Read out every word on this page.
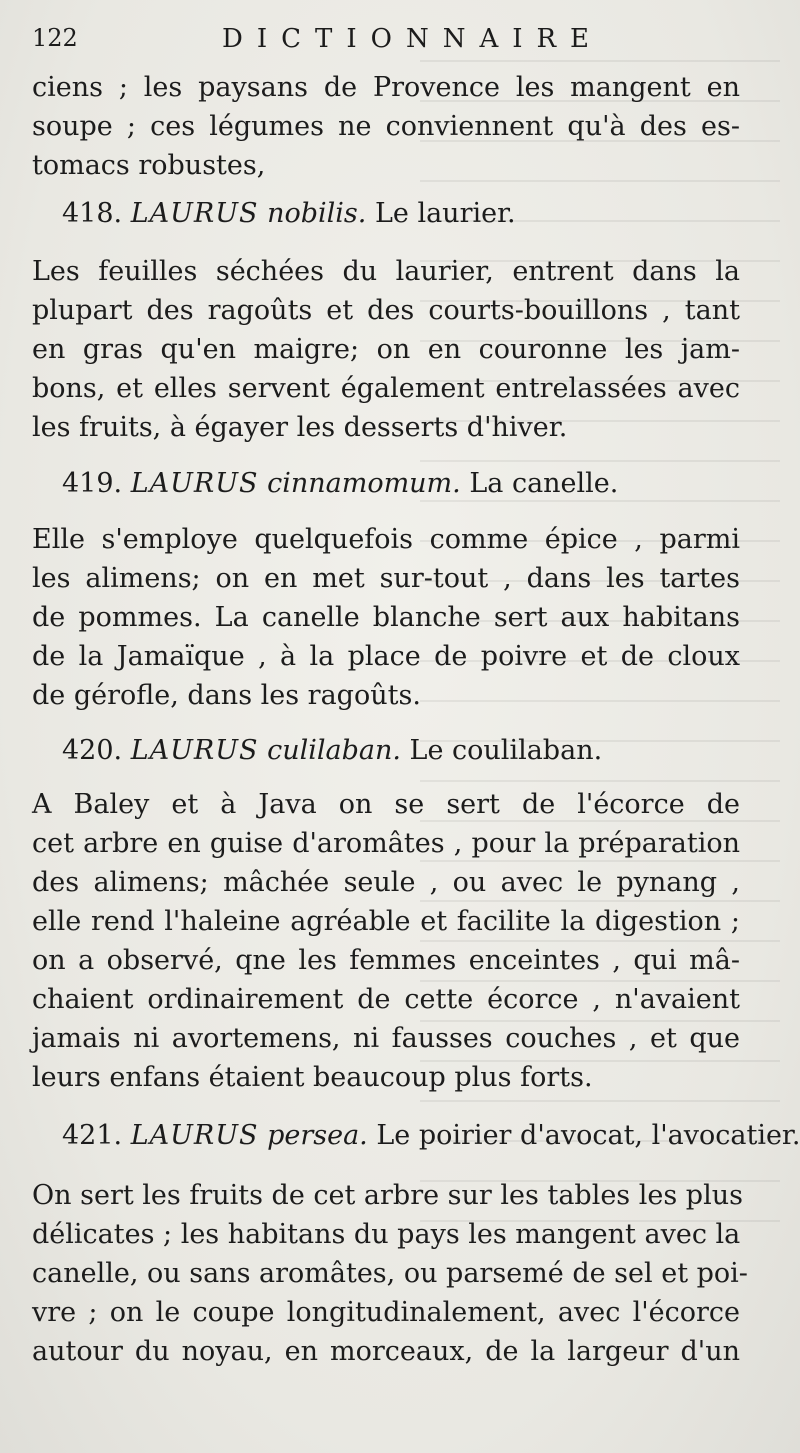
122	DICTIONNAIRE
ciens ; les paysans de Provence les mangent en
soupe ; ces légumes ne conviennent qu'à des es-
tomacs robustes,
418. LAURUS nobilis. Le laurier.
Les feuilles séchées du laurier, entrent dans la
plupart des ragoûts et des courts-bouillons , tant
en gras qu'en maigre; on en couronne les jam-
bons, et elles servent également entrelassées avec
les fruits, à égayer les desserts d'hiver.
419. LAURUS cinnamomum. La canelle.
Elle s'employe quelquefois comme épice , parmi
les alimens; on en met sur-tout , dans les tartes
de pommes. La canelle blanche sert aux habitans
de la Jamaïque , à la place de poivre et de cloux
de gérofle, dans les ragoûts.
420. LAURUS culilaban. Le coulilaban.
A Baley et à Java on se sert de l'écorce de
cet arbre en guise d'aromâtes , pour la préparation
des alimens; mâchée seule , ou avec le pynang ,
elle rend l'haleine agréable et facilite la digestion ;
on a observé, qne les femmes enceintes , qui mâ-
chaient ordinairement de cette écorce , n'avaient
jamais ni avortemens, ni fausses couches , et que
leurs enfans étaient beaucoup plus forts.
421. LAURUS persea. Le poirier d'avocat, l'avocatier.
On sert les fruits de cet arbre sur les tables les plus
délicates ; les habitans du pays les mangent avec la
canelle, ou sans aromâtes, ou parsemé de sel et poi-
vre ; on le coupe longitudinalement, avec l'écorce
autour du noyau, en morceaux, de la largeur d'un
